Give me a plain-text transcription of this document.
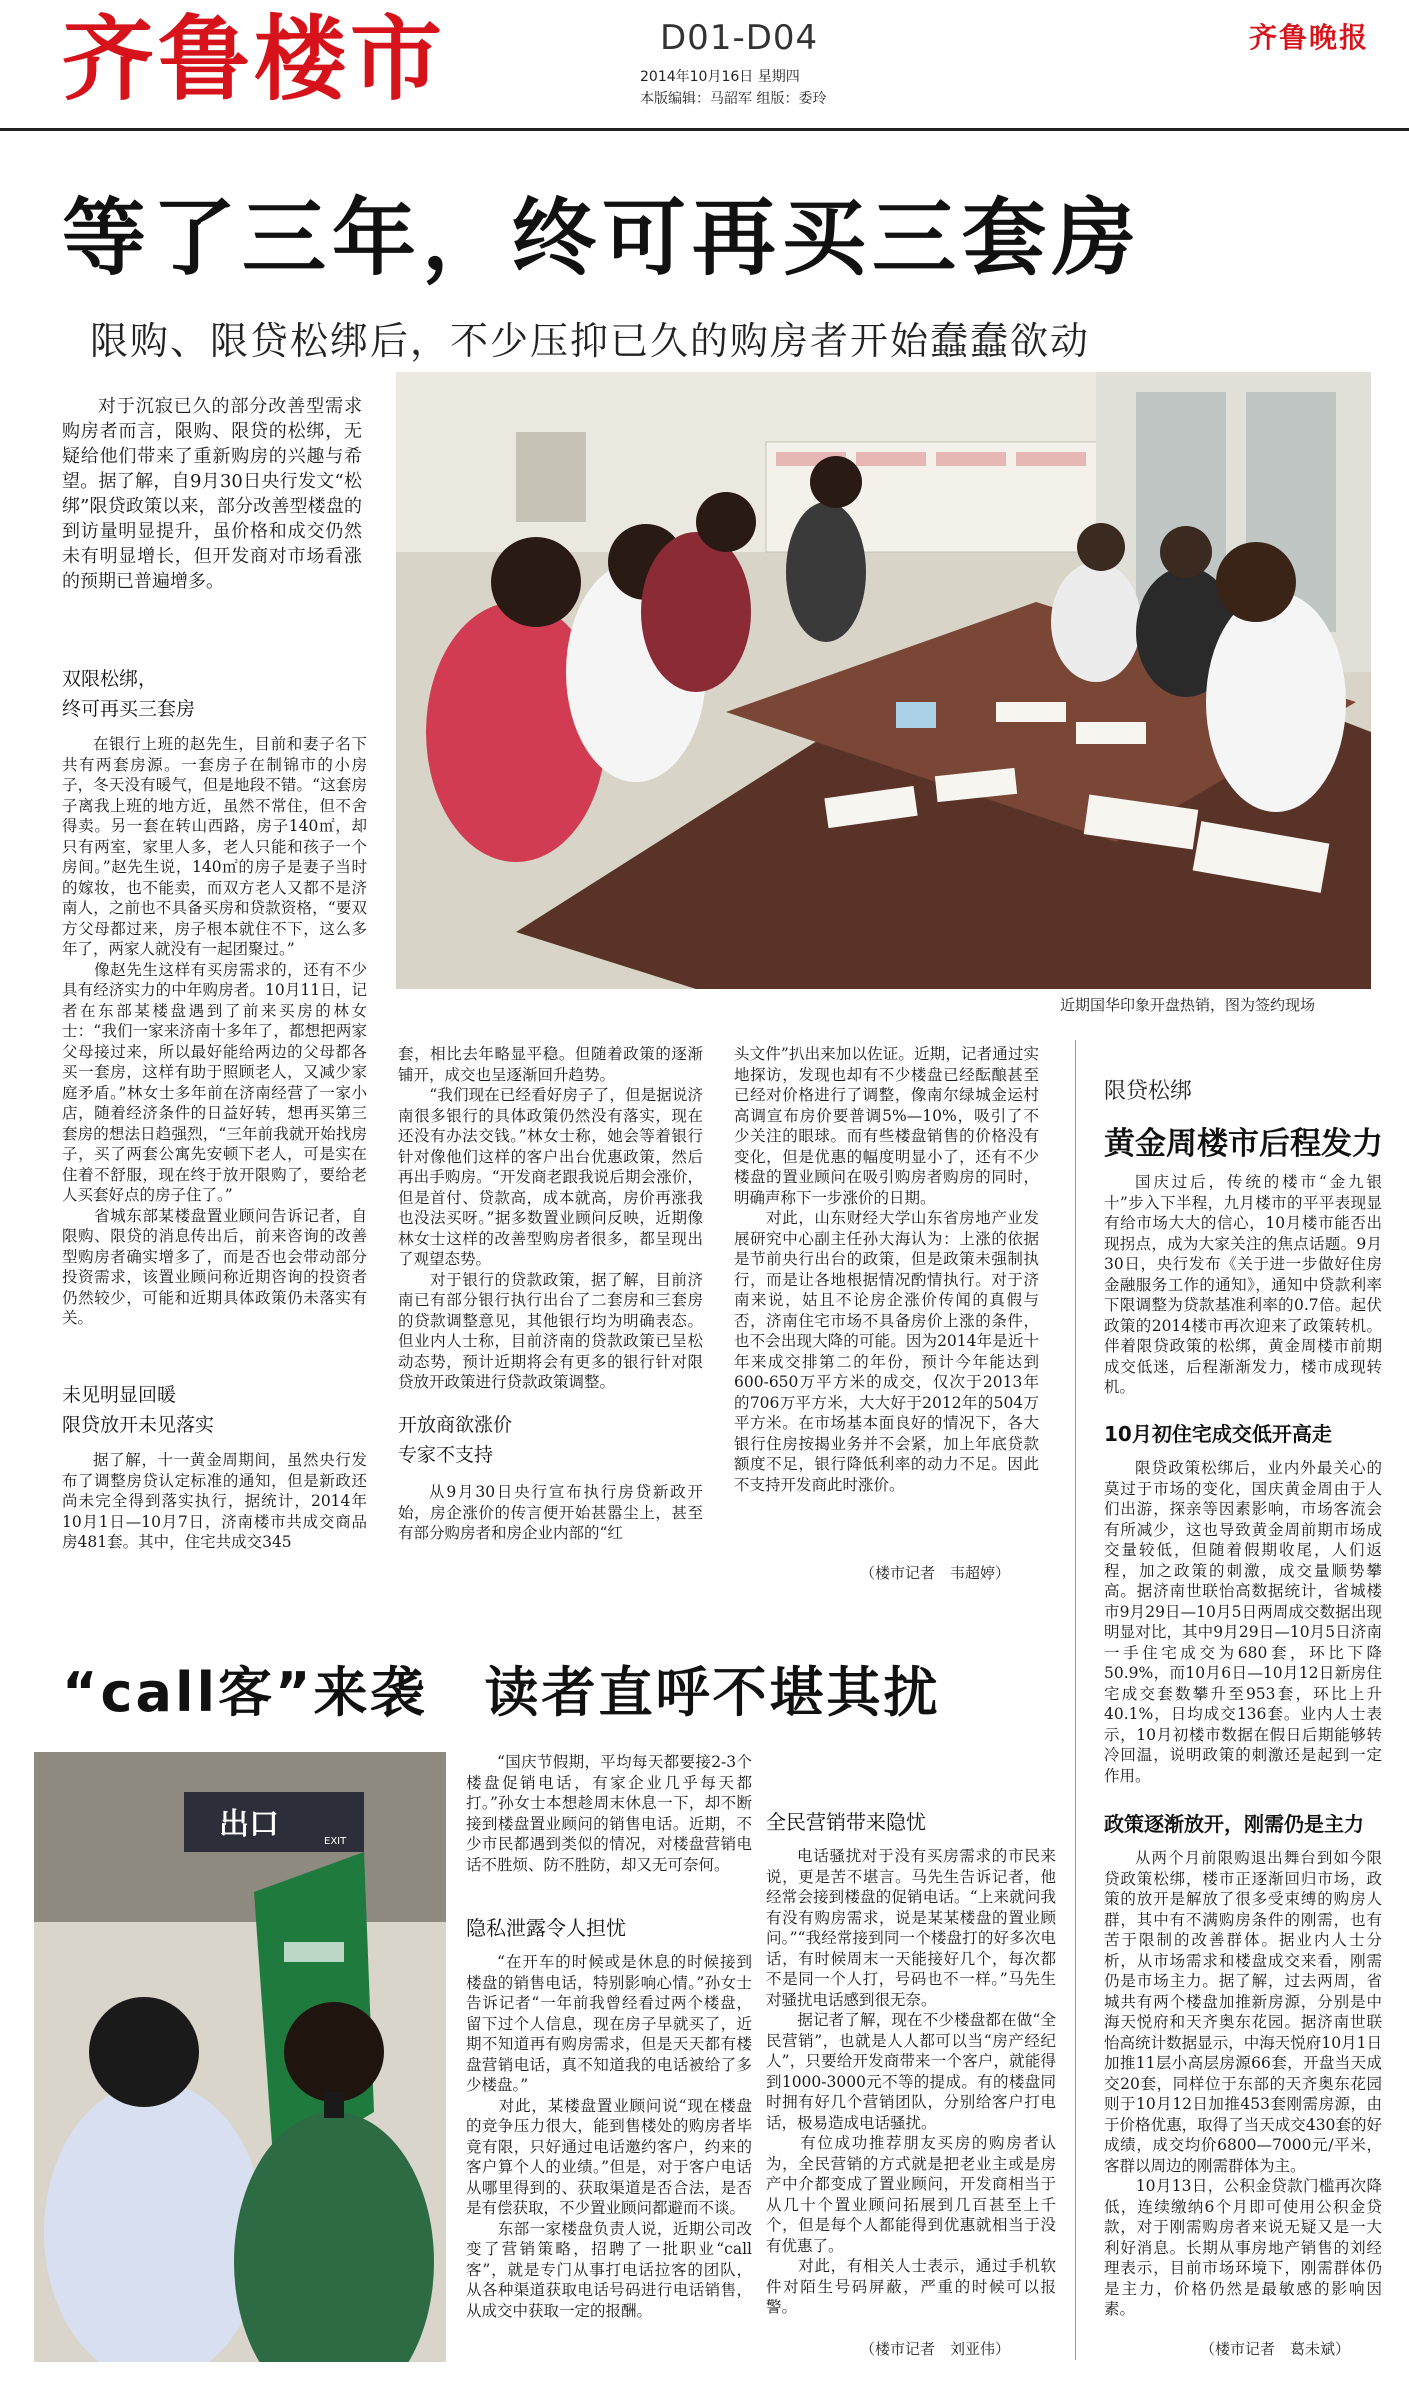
齐鲁楼市	D01-D04
2014年10月16日 星期四
本版编辑：马韶军 组版：委玲
齐鲁晚报
等了三年，终可再买三套房
限购、限贷松绑后，不少压抑已久的购房者开始蠢蠢欲动
对于沉寂已久的部分改善型需求购房者而言，限购、限贷的松绑，无疑给他们带来了重新购房的兴趣与希望。据了解，自9月30日央行发文“松绑”限贷政策以来，部分改善型楼盘的到访量明显提升，虽价格和成交仍然未有明显增长，但开发商对市场看涨的预期已普遍增多。
近期国华印象开盘热销，图为签约现场
双限松绑，
终可再买三套房
在银行上班的赵先生，目前和妻子名下共有两套房源。一套房子在制锦市的小房子，冬天没有暖气，但是地段不错。“这套房子离我上班的地方近，虽然不常住，但不舍得卖。另一套在转山西路，房子140㎡，却只有两室，家里人多，老人只能和孩子一个房间。”赵先生说，140㎡的房子是妻子当时的嫁妆，也不能卖，而双方老人又都不是济南人，之前也不具备买房和贷款资格，“要双方父母都过来，房子根本就住不下，这么多年了，两家人就没有一起团聚过。”
　　像赵先生这样有买房需求的，还有不少具有经济实力的中年购房者。10月11日，记者在东部某楼盘遇到了前来买房的林女士：“我们一家来济南十多年了，都想把两家父母接过来，所以最好能给两边的父母都各买一套房，这样有助于照顾老人，又减少家庭矛盾。”林女士多年前在济南经营了一家小店，随着经济条件的日益好转，想再买第三套房的想法日趋强烈，“三年前我就开始找房子，买了两套公寓先安顿下老人，可是实在住着不舒服，现在终于放开限购了，要给老人买套好点的房子住了。”
　　省城东部某楼盘置业顾问告诉记者，自限购、限贷的消息传出后，前来咨询的改善型购房者确实增多了，而是否也会带动部分投资需求，该置业顾问称近期咨询的投资者仍然较少，可能和近期具体政策仍未落实有关。
未见明显回暖
限贷放开未见落实
据了解，十一黄金周期间，虽然央行发布了调整房贷认定标准的通知，但是新政还尚未完全得到落实执行，据统计，2014年10月1日—10月7日，济南楼市共成交商品房481套。其中，住宅共成交345
套，相比去年略显平稳。但随着政策的逐渐铺开，成交也呈逐渐回升趋势。
　　“我们现在已经看好房子了，但是据说济南很多银行的具体政策仍然没有落实，现在还没有办法交钱。”林女士称，她会等着银行针对像他们这样的客户出台优惠政策，然后再出手购房。“开发商老跟我说后期会涨价，但是首付、贷款高，成本就高，房价再涨我也没法买呀。”据多数置业顾问反映，近期像林女士这样的改善型购房者很多，都呈现出了观望态势。
　　对于银行的贷款政策，据了解，目前济南已有部分银行执行出台了二套房和三套房的贷款调整意见，其他银行均为明确表态。但业内人士称，目前济南的贷款政策已呈松动态势，预计近期将会有更多的银行针对限贷放开政策进行贷款政策调整。
开放商欲涨价
专家不支持
从9月30日央行宣布执行房贷新政开始，房企涨价的传言便开始甚嚣尘上，甚至有部分购房者和房企业内部的“红
头文件”扒出来加以佐证。近期，记者通过实地探访，发现也却有不少楼盘已经酝酿甚至已经对价格进行了调整，像南尔绿城金运村高调宣布房价要普调5%—10%，吸引了不少关注的眼球。而有些楼盘销售的价格没有变化，但是优惠的幅度明显小了，还有不少楼盘的置业顾问在吸引购房者购房的同时，明确声称下一步涨价的日期。
　　对此，山东财经大学山东省房地产业发展研究中心副主任孙大海认为：上涨的依据是节前央行出台的政策，但是政策未强制执行，而是让各地根据情况酌情执行。对于济南来说，姑且不论房企涨价传闻的真假与否，济南住宅市场不具备房价上涨的条件，也不会出现大降的可能。因为2014年是近十年来成交排第二的年份，预计今年能达到600-650万平方米的成交，仅次于2013年的706万平方米，大大好于2012年的504万平方米。在市场基本面良好的情况下，各大银行住房按揭业务并不会紧，加上年底贷款额度不足，银行降低利率的动力不足。因此不支持开发商此时涨价。
（楼市记者　韦超婷）
限贷松绑
黄金周楼市后程发力
国庆过后，传统的楼市“金九银十”步入下半程，九月楼市的平平表现显有给市场大大的信心，10月楼市能否出现拐点，成为大家关注的焦点话题。9月30日，央行发布《关于进一步做好住房金融服务工作的通知》，通知中贷款利率下限调整为贷款基准利率的0.7倍。起伏政策的2014楼市再次迎来了政策转机。伴着限贷政策的松绑，黄金周楼市前期成交低迷，后程渐渐发力，楼市成现转机。
10月初住宅成交低开高走
限贷政策松绑后，业内外最关心的莫过于市场的变化，国庆黄金周由于人们出游，探亲等因素影响，市场客流会有所减少，这也导致黄金周前期市场成交量较低，但随着假期收尾，人们返程，加之政策的刺激，成交量顺势攀高。据济南世联怡高数据统计，省城楼市9月29日—10月5日两周成交数据出现明显对比，其中9月29日—10月5日济南一手住宅成交为680套，环比下降50.9%，而10月6日—10月12日新房住宅成交套数攀升至953套，环比上升40.1%，日均成交136套。业内人士表示，10月初楼市数据在假日后期能够转冷回温，说明政策的刺激还是起到一定作用。
政策逐渐放开，刚需仍是主力
从两个月前限购退出舞台到如今限贷政策松绑，楼市正逐渐回归市场，政策的放开是解放了很多受束缚的购房人群，其中有不满购房条件的刚需，也有苦于限制的改善群体。据业内人士分析，从市场需求和楼盘成交来看，刚需仍是市场主力。据了解，过去两周，省城共有两个楼盘加推新房源，分别是中海天悦府和天齐奥东花园。据济南世联怡高统计数据显示，中海天悦府10月1日加推11层小高层房源66套，开盘当天成交20套，同样位于东部的天齐奥东花园则于10月12日加推453套刚需房源，由于价格优惠，取得了当天成交430套的好成绩，成交均价6800—7000元/平米，客群以周边的刚需群体为主。
　　10月13日，公积金贷款门槛再次降低，连续缴纳6个月即可使用公积金贷款，对于刚需购房者来说无疑又是一大利好消息。长期从事房地产销售的刘经理表示，目前市场环境下，刚需群体仍是主力，价格仍然是最敏感的影响因素。
（楼市记者　葛未斌）
“call客”来袭　读者直呼不堪其扰
出口	EXIT
“国庆节假期，平均每天都要接2-3个楼盘促销电话，有家企业几乎每天都打。”孙女士本想趁周末休息一下，却不断接到楼盘置业顾问的销售电话。近期，不少市民都遇到类似的情况，对楼盘营销电话不胜烦、防不胜防，却又无可奈何。
隐私泄露令人担忧
“在开车的时候或是休息的时候接到楼盘的销售电话，特别影响心情。”孙女士告诉记者“一年前我曾经看过两个楼盘，留下过个人信息，现在房子早就买了，近期不知道再有购房需求，但是天天都有楼盘营销电话，真不知道我的电话被给了多少楼盘。”
　　对此，某楼盘置业顾问说“现在楼盘的竞争压力很大，能到售楼处的购房者毕竟有限，只好通过电话邀约客户，约来的客户算个人的业绩。”但是，对于客户电话从哪里得到的、获取渠道是否合法，是否是有偿获取，不少置业顾问都避而不谈。
　　东部一家楼盘负责人说，近期公司改变了营销策略，招聘了一批职业“call客”，就是专门从事打电话拉客的团队，从各种渠道获取电话号码进行电话销售，从成交中获取一定的报酬。
全民营销带来隐忧
电话骚扰对于没有买房需求的市民来说，更是苦不堪言。马先生告诉记者，他经常会接到楼盘的促销电话。“上来就问我有没有购房需求，说是某某楼盘的置业顾问。”“我经常接到同一个楼盘打的好多次电话，有时候周末一天能接好几个，每次都不是同一个人打，号码也不一样。”马先生对骚扰电话感到很无奈。
　　据记者了解，现在不少楼盘都在做“全民营销”，也就是人人都可以当“房产经纪人”，只要给开发商带来一个客户，就能得到1000-3000元不等的提成。有的楼盘同时拥有好几个营销团队，分别给客户打电话，极易造成电话骚扰。
　　有位成功推荐朋友买房的购房者认为，全民营销的方式就是把老业主或是房产中介都变成了置业顾问，开发商相当于从几十个置业顾问拓展到几百甚至上千个，但是每个人都能得到优惠就相当于没有优惠了。
　　对此，有相关人士表示，通过手机软件对陌生号码屏蔽，严重的时候可以报警。
（楼市记者　刘亚伟）
